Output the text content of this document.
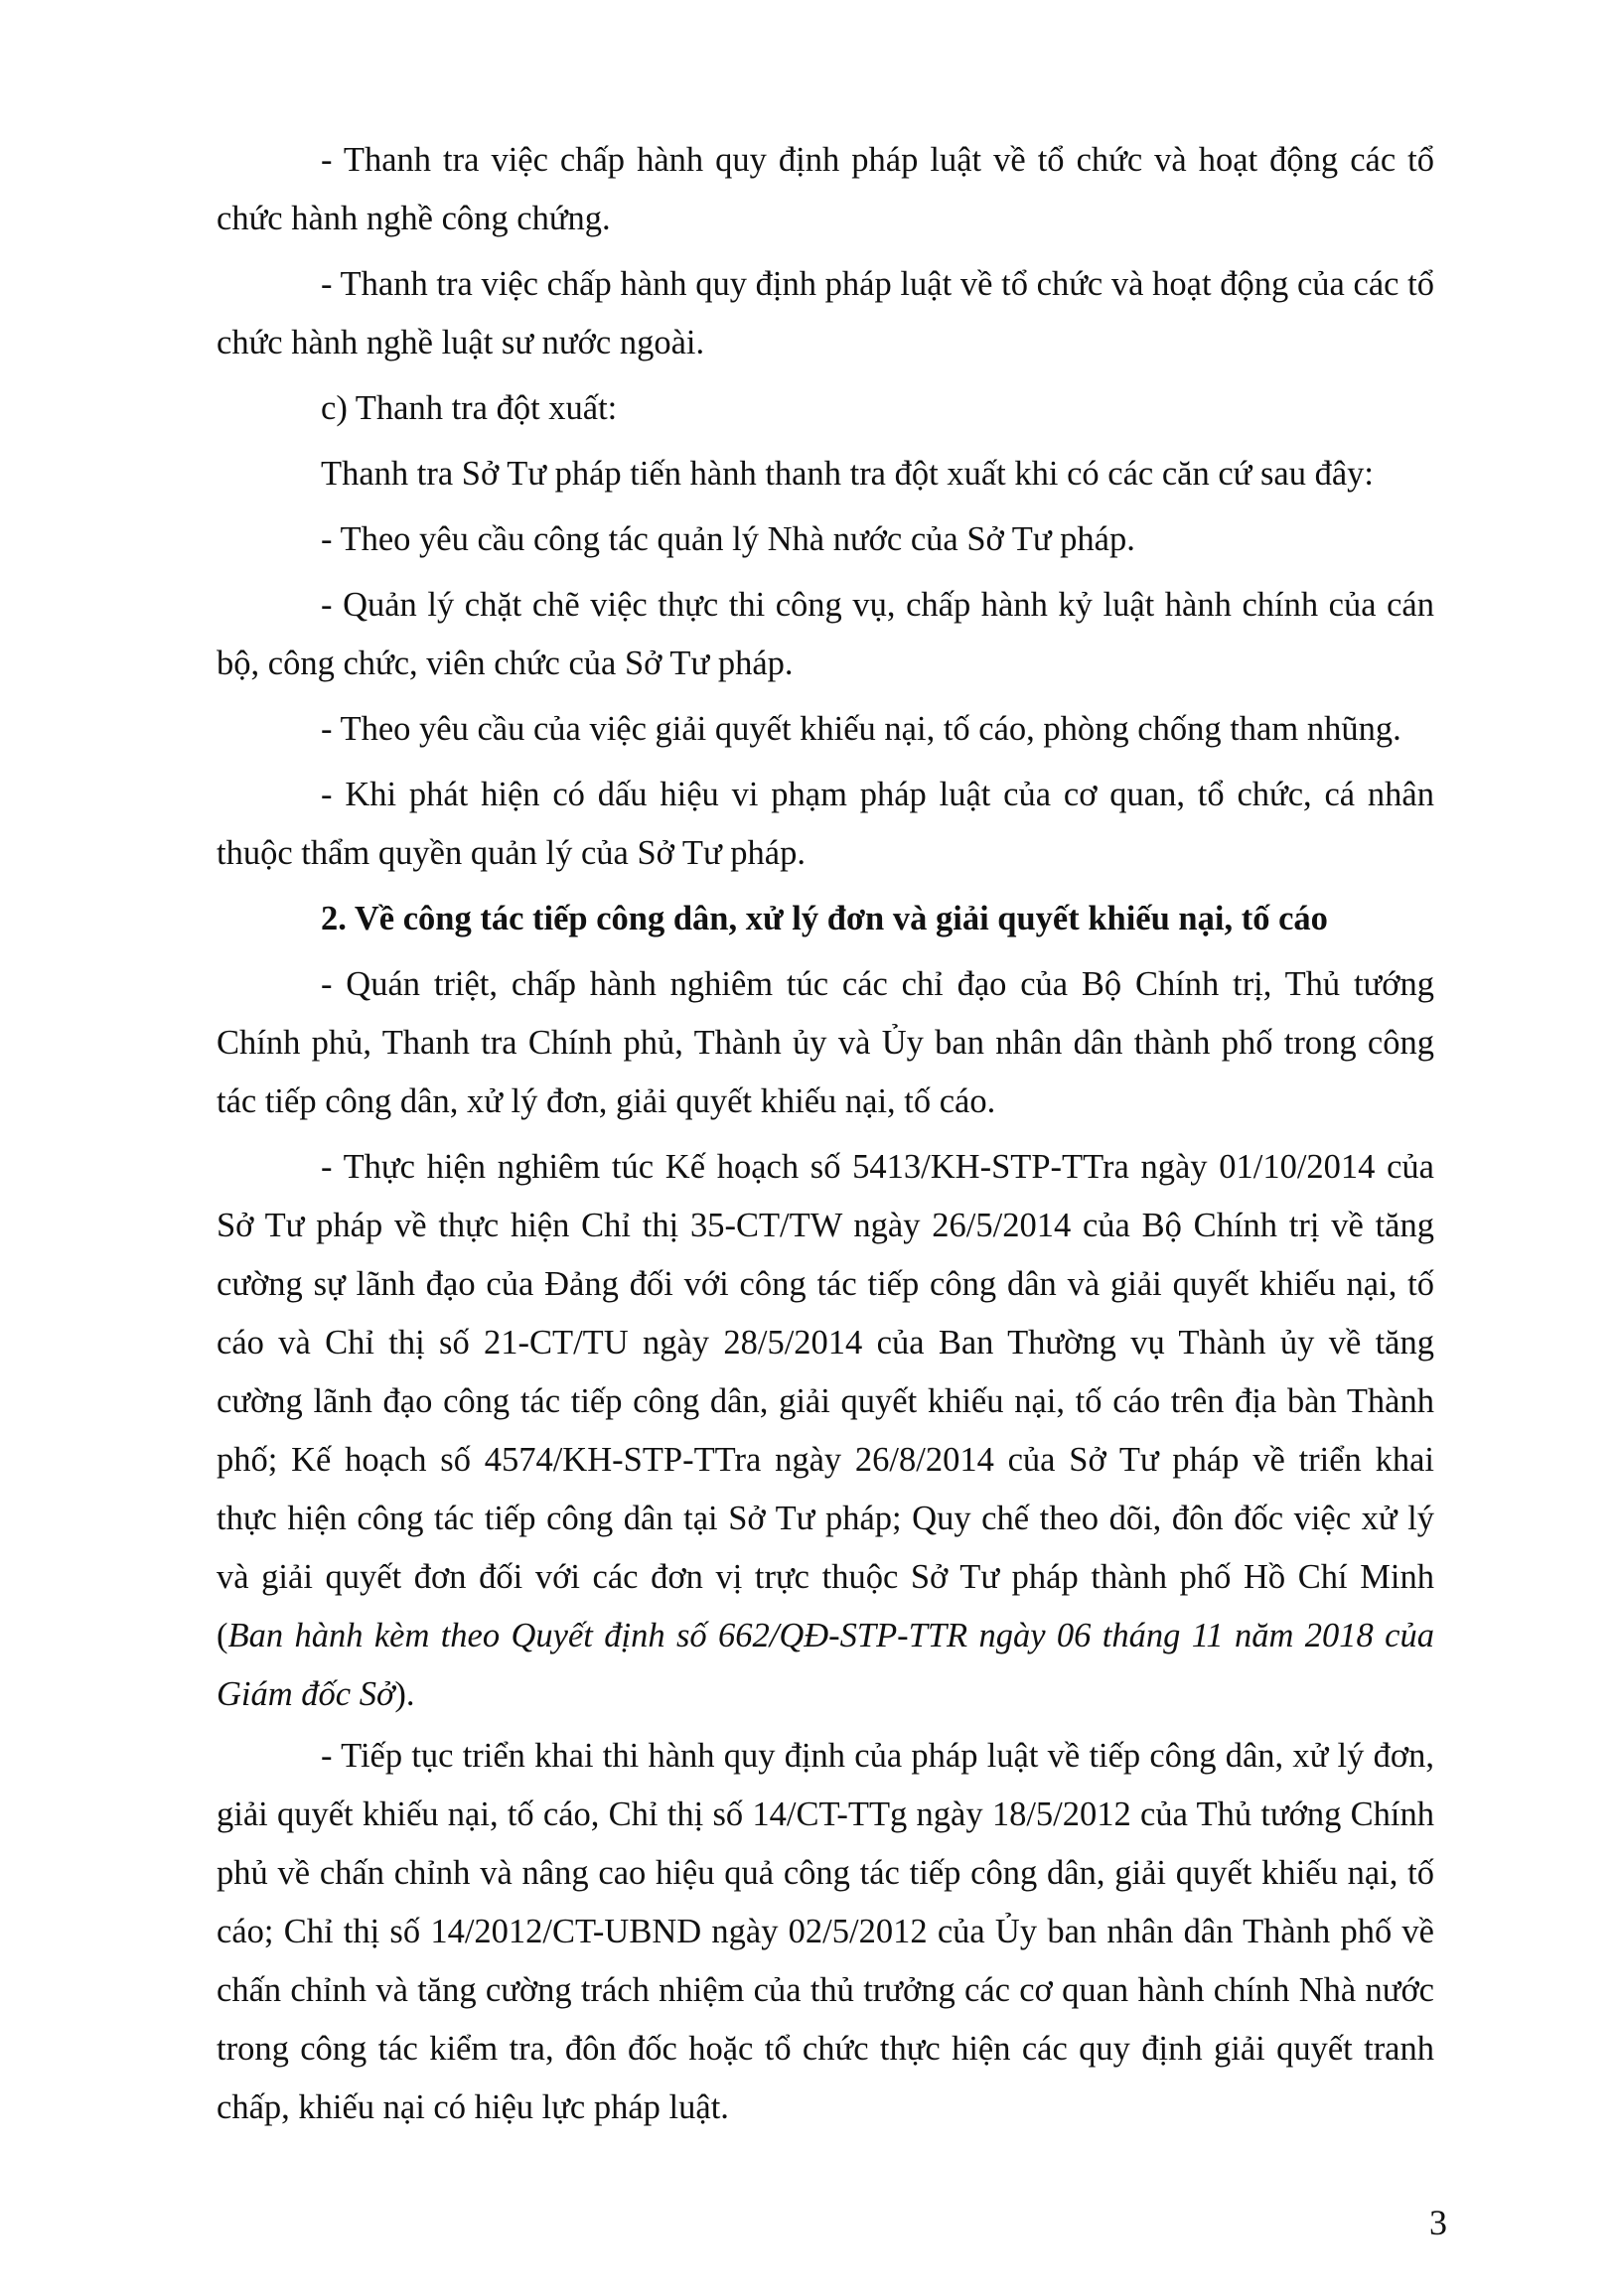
- Thanh tra việc chấp hành quy định pháp luật về tổ chức và hoạt động các tổ chức hành nghề công chứng.

- Thanh tra việc chấp hành quy định pháp luật về tổ chức và hoạt động của các tổ chức hành nghề luật sư nước ngoài.

c) Thanh tra đột xuất:

Thanh tra Sở Tư pháp tiến hành thanh tra đột xuất khi có các căn cứ sau đây:

- Theo yêu cầu công tác quản lý Nhà nước của Sở Tư pháp.

- Quản lý chặt chẽ việc thực thi công vụ, chấp hành kỷ luật hành chính của cán bộ, công chức, viên chức của Sở Tư pháp.

- Theo yêu cầu của việc giải quyết khiếu nại, tố cáo, phòng chống tham nhũng.

- Khi phát hiện có dấu hiệu vi phạm pháp luật của cơ quan, tổ chức, cá nhân thuộc thẩm quyền quản lý của Sở Tư pháp.

2. Về công tác tiếp công dân, xử lý đơn và giải quyết khiếu nại, tố cáo

- Quán triệt, chấp hành nghiêm túc các chỉ đạo của Bộ Chính trị, Thủ tướng Chính phủ, Thanh tra Chính phủ, Thành ủy và Ủy ban nhân dân thành phố trong công tác tiếp công dân, xử lý đơn, giải quyết khiếu nại, tố cáo.

- Thực hiện nghiêm túc Kế hoạch số 5413/KH-STP-TTra ngày 01/10/2014 của Sở Tư pháp về thực hiện Chỉ thị 35-CT/TW ngày 26/5/2014 của Bộ Chính trị về tăng cường sự lãnh đạo của Đảng đối với công tác tiếp công dân và giải quyết khiếu nại, tố cáo và Chỉ thị số 21-CT/TU ngày 28/5/2014 của Ban Thường vụ Thành ủy về tăng cường lãnh đạo công tác tiếp công dân, giải quyết khiếu nại, tố cáo trên địa bàn Thành phố; Kế hoạch số 4574/KH-STP-TTra ngày 26/8/2014 của Sở Tư pháp về triển khai thực hiện công tác tiếp công dân tại Sở Tư pháp; Quy chế theo dõi, đôn đốc việc xử lý và giải quyết đơn đối với các đơn vị trực thuộc Sở Tư pháp thành phố Hồ Chí Minh (Ban hành kèm theo Quyết định số 662/QĐ-STP-TTR ngày 06 tháng 11 năm 2018 của Giám đốc Sở).

- Tiếp tục triển khai thi hành quy định của pháp luật về tiếp công dân, xử lý đơn, giải quyết khiếu nại, tố cáo, Chỉ thị số 14/CT-TTg ngày 18/5/2012 của Thủ tướng Chính phủ về chấn chỉnh và nâng cao hiệu quả công tác tiếp công dân, giải quyết khiếu nại, tố cáo; Chỉ thị số 14/2012/CT-UBND ngày 02/5/2012 của Ủy ban nhân dân Thành phố về chấn chỉnh và tăng cường trách nhiệm của thủ trưởng các cơ quan hành chính Nhà nước trong công tác kiểm tra, đôn đốc hoặc tổ chức thực hiện các quy định giải quyết tranh chấp, khiếu nại có hiệu lực pháp luật.

3
